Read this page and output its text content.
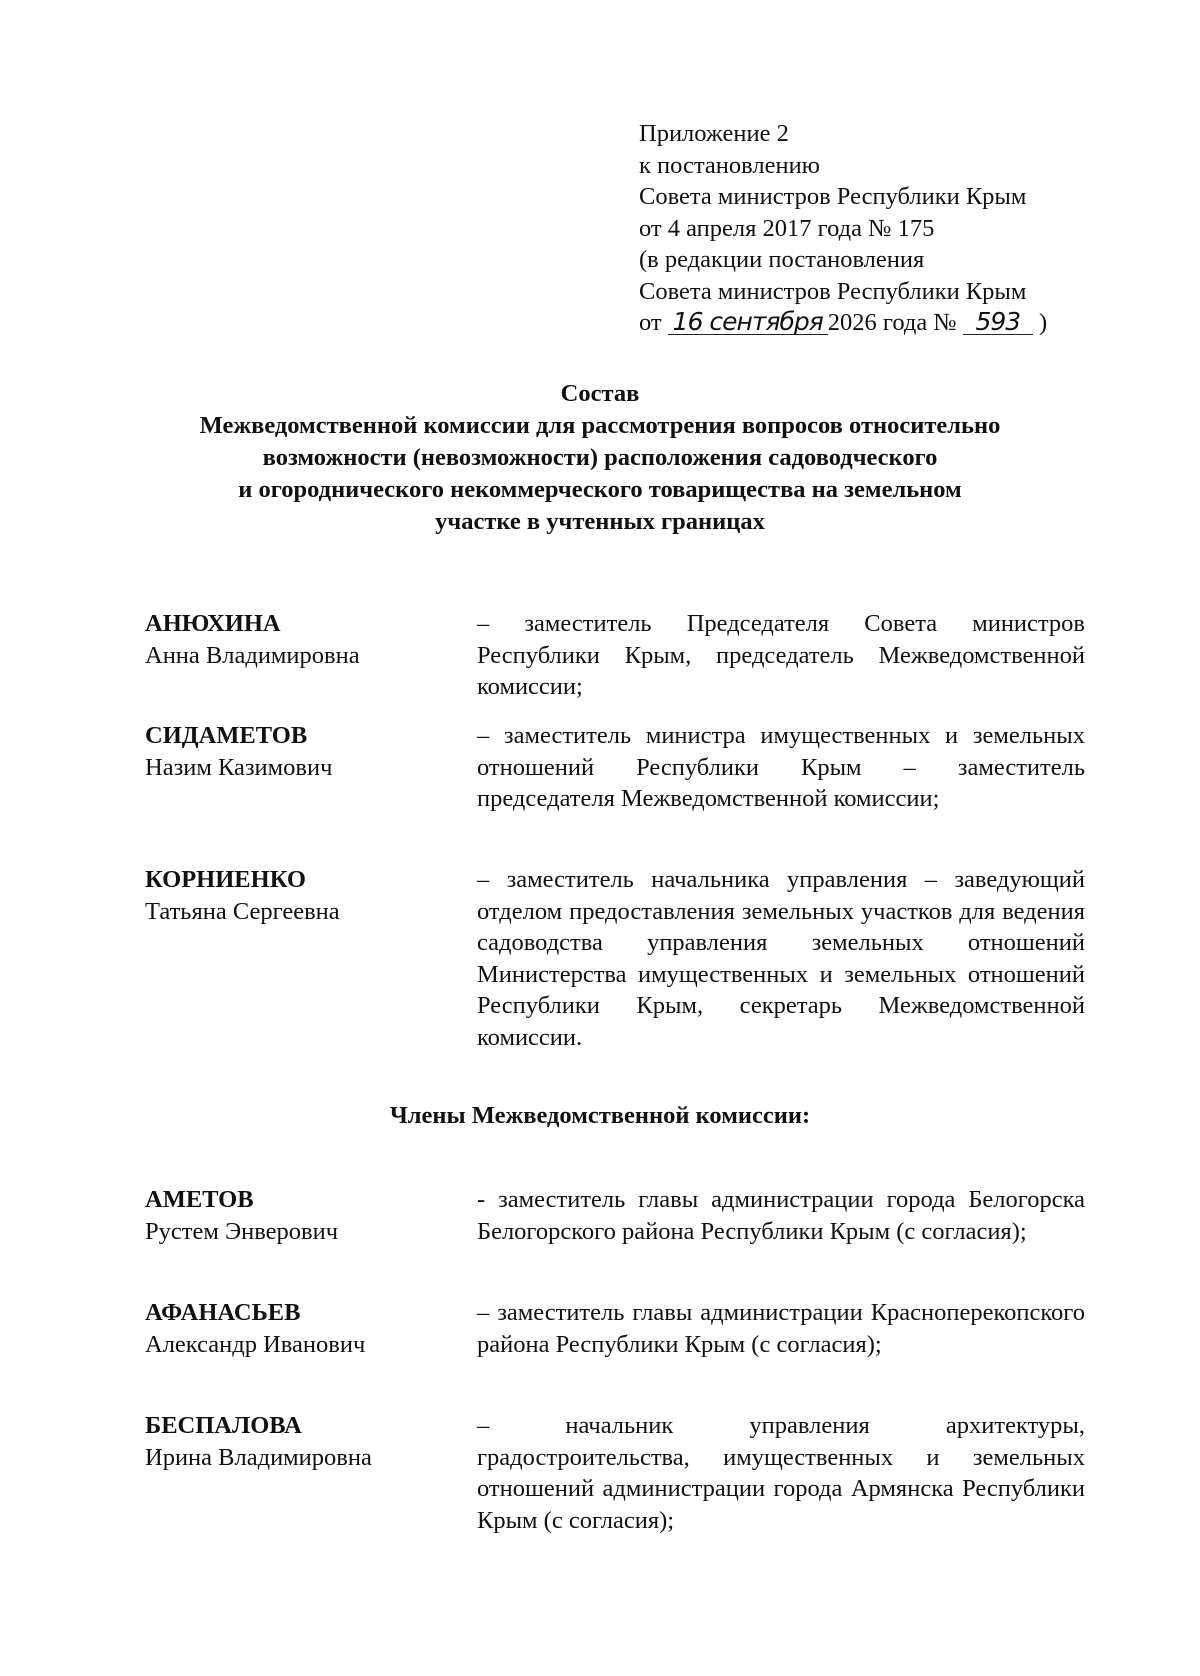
Приложение 2
к постановлению
Совета министров Республики Крым
от 4 апреля 2017 года № 175
(в редакции постановления
Совета министров Республики Крым
от 16 сентября 2026 года № 593 )
Состав
Межведомственной комиссии для рассмотрения вопросов относительно
возможности (невозможности) расположения садоводческого
и огороднического некоммерческого товарищества на земельном
участке в учтенных границах
АНЮХИНА
Анна Владимировна
– заместитель Председателя Совета министров Республики Крым, председатель Межведомственной комиссии;
СИДАМЕТОВ
Назим Казимович
– заместитель министра имущественных и земельных отношений Республики Крым – заместитель председателя Межведомственной комиссии;
КОРНИЕНКО
Татьяна Сергеевна
– заместитель начальника управления – заведующий отделом предоставления земельных участков для ведения садоводства управления земельных отношений Министерства имущественных и земельных отношений Республики Крым, секретарь Межведомственной комиссии.
Члены Межведомственной комиссии:
АМЕТОВ
Рустем Энверович
- заместитель главы администрации города Белогорска Белогорского района Республики Крым (с согласия);
АФАНАСЬЕВ
Александр Иванович
– заместитель главы администрации Красноперекопского района Республики Крым (с согласия);
БЕСПАЛОВА
Ирина Владимировна
– начальник управления архитектуры, градостроительства, имущественных и земельных отношений администрации города Армянска Республики Крым (с согласия);
